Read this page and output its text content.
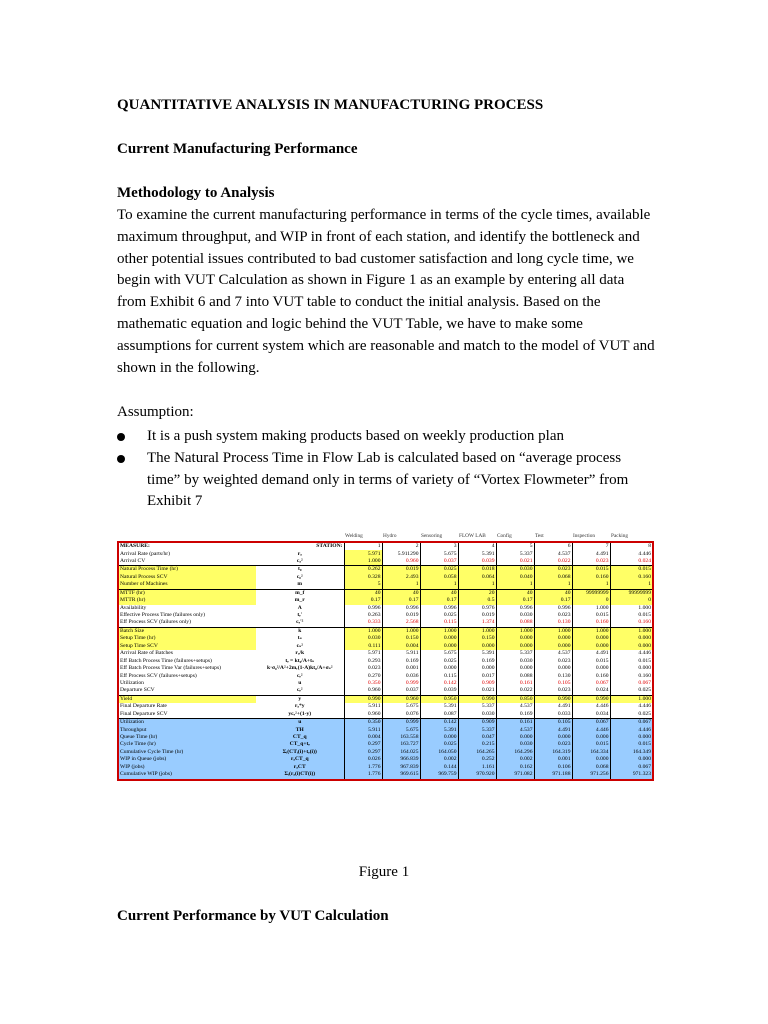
QUANTITATIVE ANALYSIS IN MANUFACTURING PROCESS
Current Manufacturing Performance
Methodology to Analysis

To examine the current manufacturing performance in terms of the cycle times, available maximum throughput, and WIP in front of each station, and identify the bottleneck and other potential issues contributed to bad customer satisfaction and long cycle time, we begin with VUT Calculation as shown in Figure 1 as an example by entering all data from Exhibit 6 and 7 into VUT table to conduct the initial analysis. Based on the mathematic equation and logic behind the VUT Table, we have to make some assumptions for current system which are reasonable and match to the model of VUT and shown in the following.

Assumption:

It is a push system making products based on weekly production plan
The Natural Process Time in Flow Lab is calculated based on “average process time” by weighted demand only in terms of variety of “Vortex Flowmeter” from Exhibit 7
		Welding	Hydro	Sensoring	FLOW LAB	Config	Test	Inspection	Packing
MEASURE:	STATION:	1	2	3	4	5	6	7	8
Arrival Rate (parts/hr)	rₐ	5.971	5.911290	5.675	5.391	5.337	4.537	4.491	4.446
Arrival CV	cₐ²	1.000	0.960	0.037	0.039	0.021	0.022	0.023	0.024
Natural Process Time (hr)	t₀	0.262	0.019	0.025	0.018	0.030	0.023	0.015	0.015
Natural Process SCV	c₀²	0.328	2.493	0.058	0.064	0.040	0.068	0.160	0.160
Number of Machines	m	5	1	1	1	1	1	1	1
MTTF (hr)	m_f	40	40	40	20	40	40	99999999	99999999
MTTR (hr)	m_r	0.17	0.17	0.17	0.5	0.17	0.17	0	0
Availability	A	0.996	0.996	0.996	0.976	0.996	0.996	1.000	1.000
Effective Process Time (failures only)	tₑ'	0.263	0.019	0.025	0.019	0.030	0.023	0.015	0.015
Eff Process SCV (failures only)	cₑ'²	0.333	2.568	0.115	1.374	0.088	0.130	0.160	0.160
Batch Size	k	1.000	1.000	1.000	1.000	1.000	1.000	1.000	1.000
Setup Time (hr)	tₛ	0.030	0.150	0.000	0.150	0.000	0.000	0.000	0.000
Setup Time SCV	cₛ²	0.111	0.004	0.000	0.000	0.000	0.000	0.000	0.000
Arrival Rate of Batches	rₐ/k	5.971	5.911	5.675	5.391	5.337	4.537	4.491	4.446
Eff Batch Process Time (failures+setups)	tₑ = kt₀/A+tₛ	0.293	0.169	0.025	0.169	0.030	0.023	0.015	0.015
Eff Batch Process Time Var (failures+setups)	k·σ₀²/A²+2mᵣ(1-A)kt₀/A+σₛ²	0.023	0.001	0.000	0.000	0.000	0.000	0.000	0.000
Eff Process SCV (failures+setups)	cₑ²	0.270	0.036	0.115	0.017	0.088	0.130	0.160	0.160
Utilization	u	0.350	0.999	0.142	0.909	0.161	0.105	0.067	0.067
Departure SCV	cₑ²	0.960	0.037	0.039	0.021	0.022	0.023	0.024	0.025
Yield	y	0.990	0.960	0.950	0.990	0.850	0.990	0.990	1.000
Final Departure Rate	rₐ*y	5.911	5.675	5.391	5.337	4.537	4.491	4.446	4.446
Final Departure SCV	ycₑ²+(1-y)	0.960	0.076	0.087	0.030	0.169	0.033	0.034	0.025
Utilization	u	0.350	0.999	0.142	0.909	0.161	0.105	0.067	0.067
Throughput	TH	5.911	5.675	5.391	5.337	4.537	4.491	4.446	4.446
Queue Time (hr)	CT_q	0.004	163.558	0.000	0.047	0.000	0.000	0.000	0.000
Cycle Time (hr)	CT_q+tₑ	0.297	163.727	0.025	0.215	0.030	0.023	0.015	0.015
Cumulative Cycle Time (hr)	Σᵢ(CTᵢ(i)+tₑ(i))	0.297	164.025	164.050	164.265	164.296	164.319	164.334	164.349
WIP in Queue (jobs)	rₐCT_q	0.026	966.839	0.002	0.252	0.002	0.001	0.000	0.000
WIP (jobs)	rₐCT	1.776	967.839	0.144	1.161	0.162	0.106	0.068	0.067
Cumulative WIP (jobs)	Σᵢ(rₐ(i)CT(i))	1.776	969.615	969.759	970.920	971.082	971.188	971.256	971.323

Figure 1

Current Performance by VUT Calculation
